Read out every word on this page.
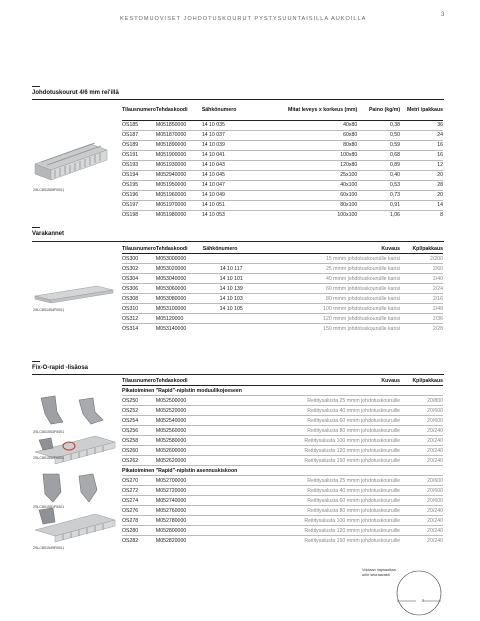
KESTOMUOVISET JOHDOTUSKOURUT PYSTYSUUNTAISILLA AUKOILLA
3
Johdotuskourut 4/6 mm rei'illä
2SLC801559F0001
Tilausnumero	Tehdaskoodi	Sähkönumero	Mitat leveys x korkeus (mm)	Paino (kg/m)	Metri /pakkaus
OS185	M051850000	14 10 035	40x80	0,38	36
OS187	M051870000	14 10 037	60x80	0,50	24
OS189	M051890000	14 10 039	80x80	0,59	16
OS191	M051900000	14 10 041	100x80	0,68	16
OS193	M051930000	14 10 043	120x80	0,89	12
OS194	M052940000	14 10 045	25x100	0,40	20
OS195	M051950000	14 10 047	40x100	0,53	28
OS196	M051960000	14 10 049	60x100	0,73	20
OS197	M051970000	14 10 051	80x100	0,91	14
OS198	M051980000	14 10 053	100x100	1,06	8
Varakannet
2SLC801454F0001
Tilausnumero	Tehdaskoodi	Sähkönumero	Kuvaus	Kpl/pakkaus
OS300	M053000000		15 mmm johdotuskouruille kansi	2/200
OS302	M053020000	14 10 117	25 mmm johdotuskouruille kansi	2/60
OS304	M053040000	14 10 101	40 mmm johdotuskouruille kansi	2/40
OS306	M053060000	14 10 139	60 mmm johdotuskouruille kansi	2/24
OS308	M053080000	14 10 103	80 mmm johdotuskouruille kansi	2/16
OS310	M053100000	14 10 105	100 mmm johdotuskouruille kansi	2/48
OS312	M05120000		120 mmm johdotuskouruille kansi	2/36
OS314	M053140000		150 mmm johdotuskouruille kansi	2/28
Fix-O-rapid -lisäosa
2SLC801553F0001
2SLC801552F0001
2SLC801551F0001
2SLC801549F0001
Tilausnumero	Tehdaskoodi	Kuvaus	Kpl/pakkaus
Pikatoiminen "Rapid"-niplstin moduulikojeeseen			
OS250	M052500000	Reititysalusta 25 mmm johdotuskouruille	20/800
OS252	M052520000	Reititysalusta 40 mmm johdotuskouruille	20/600
OS254	M052540000	Reititysalusta 60 mmm johdotuskouruille	20/600
OS256	M052560000	Reititysalusta 80 mmm johdotuskouruille	20/240
OS258	M052580000	Reititysalusta 100 mmm johdotuskouruille	20/240
OS260	M052600000	Reititysalusta 120 mmm johdotuskouruille	20/240
OS262	M052620000	Reititysalusta 150 mmm johdotuskouruille	20/240
Pikatoiminen "Rapid"-niplstin asennuskiskoon			
OS270	M052700000	Reititysalusta 25 mmm johdotuskouruille	20/600
OS272	M052720000	Reititysalusta 40 mmm johdotuskouruille	20/600
OS274	M052740000	Reititysalusta 60 mmm johdotuskouruille	20/600
OS276	M052760000	Reititysalusta 80 mmm johdotuskouruille	20/240
OS278	M052780000	Reititysalusta 100 mmm johdotuskouruille	20/240
OS280	M052800000	Reititysalusta 120 mmm johdotuskouruille	20/240
OS282	M052820000	Reititysalusta 150 mmm johdotuskouruille	20/240
Voidaan napsauttaa
urlin seuraavasti
7
